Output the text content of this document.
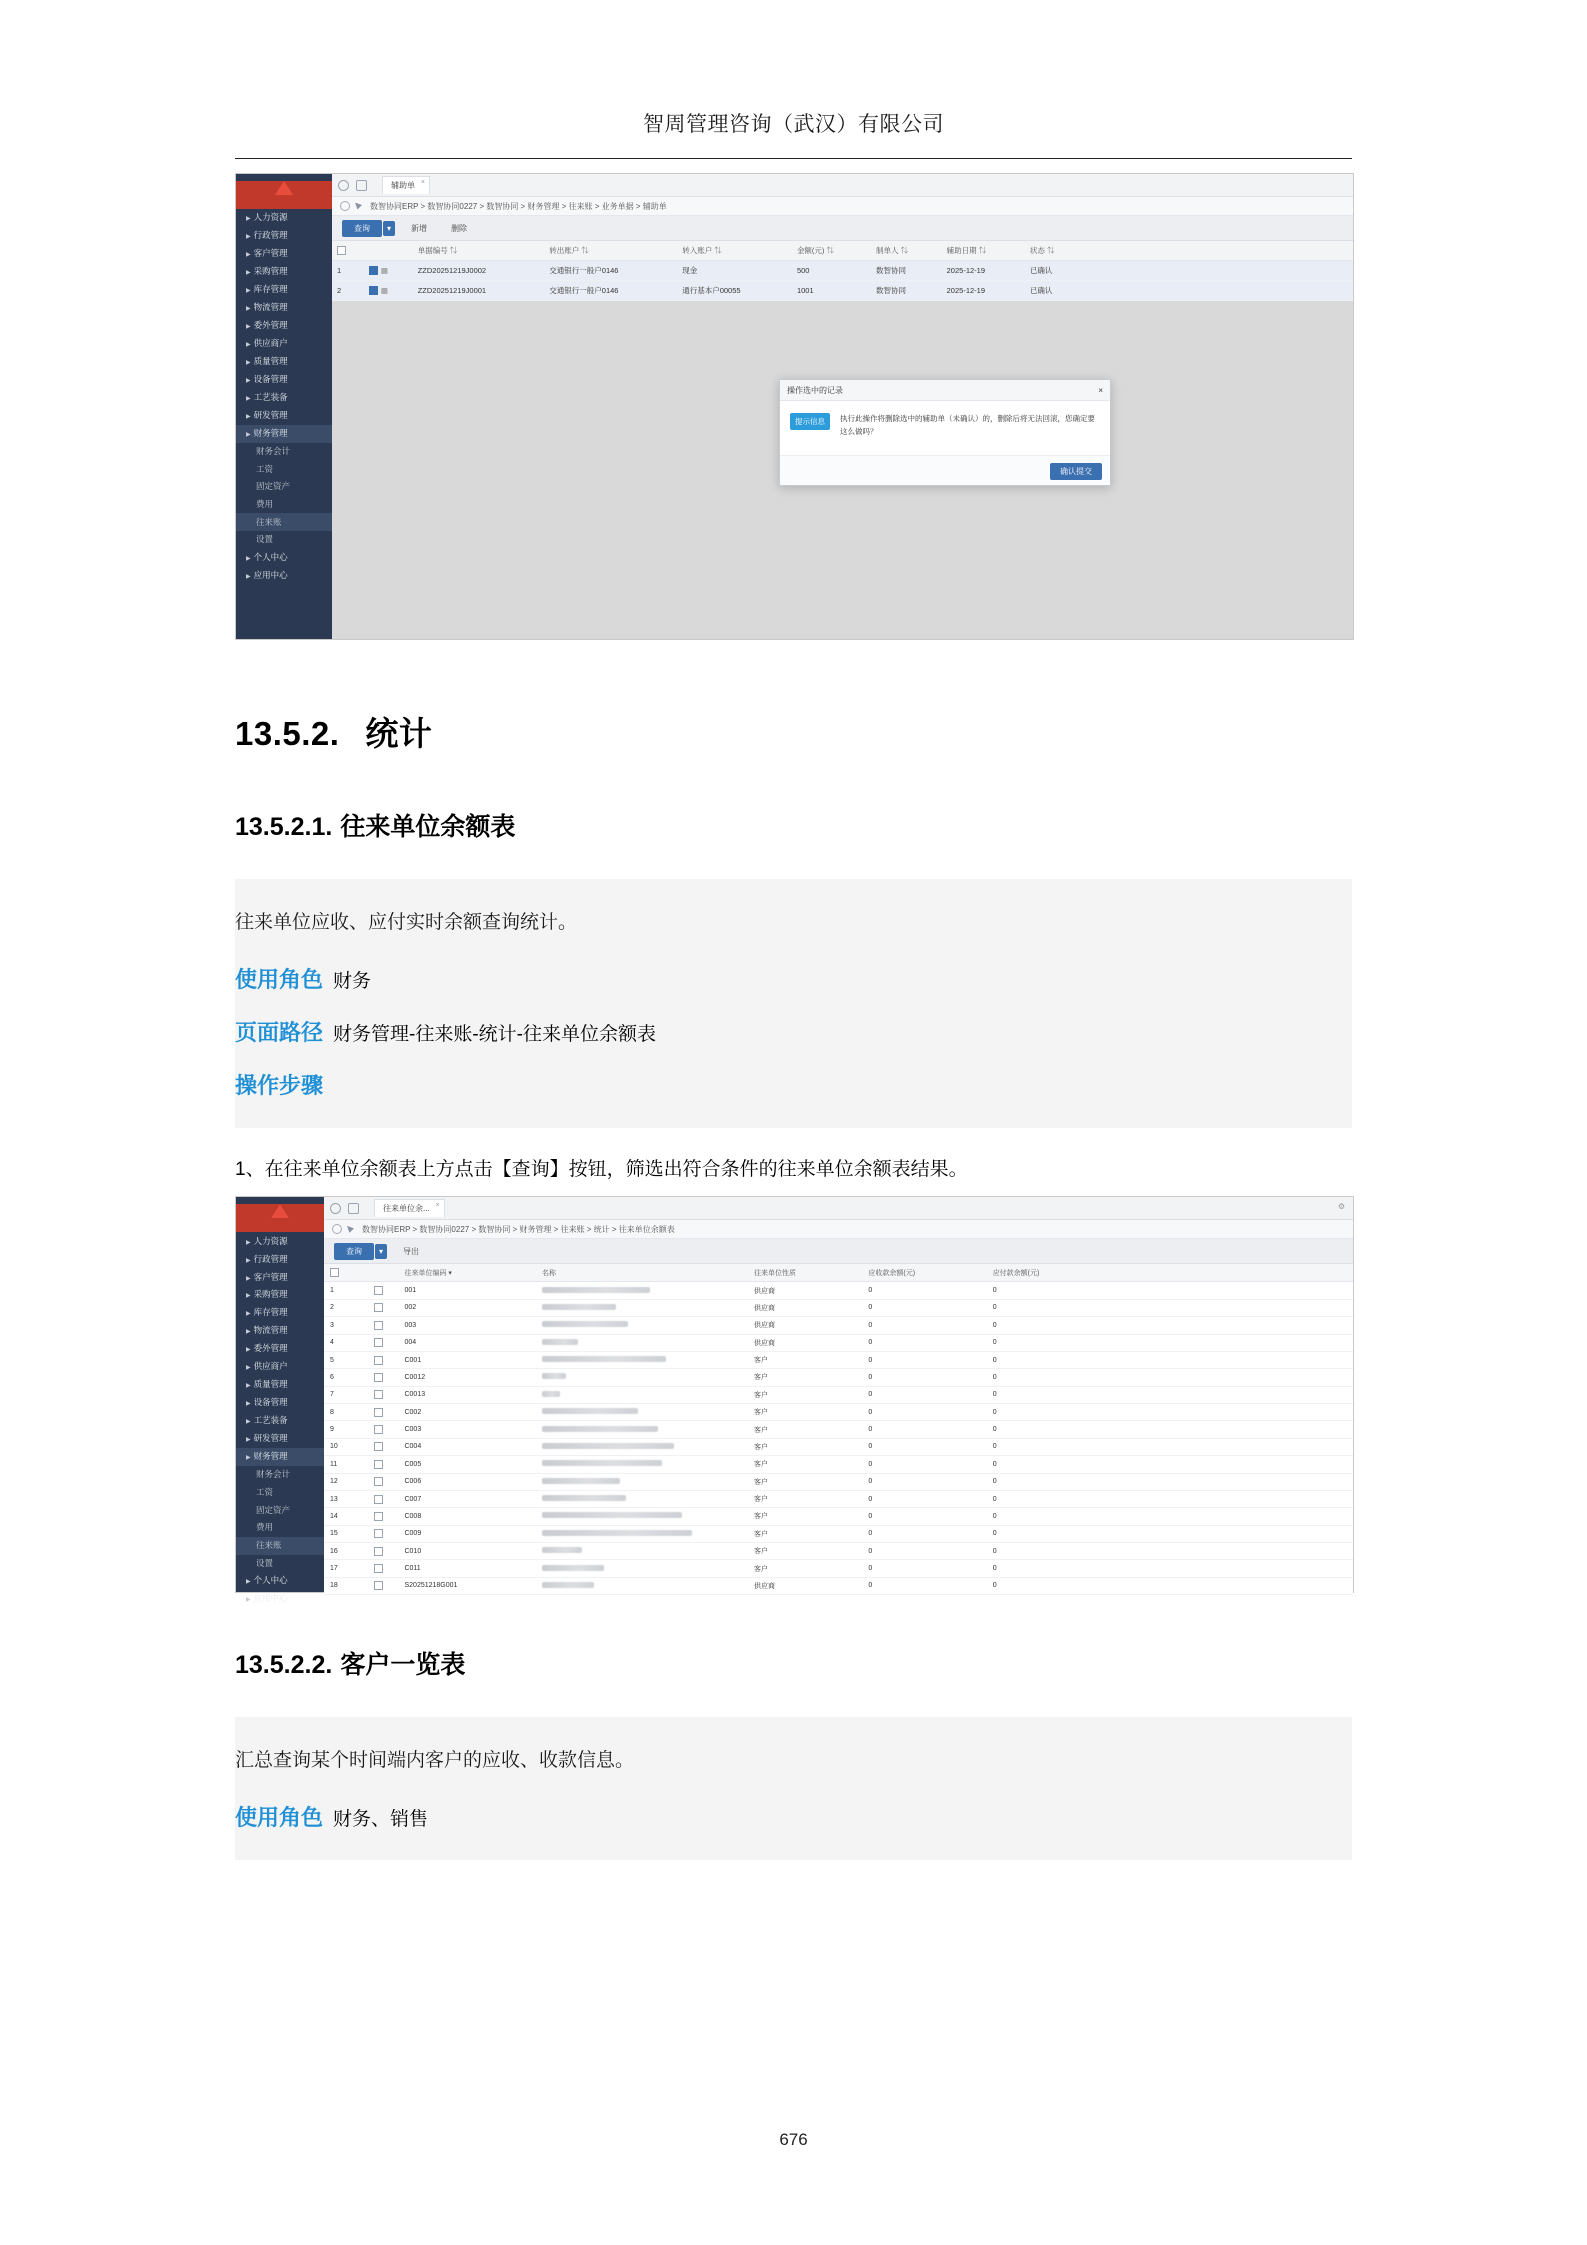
智周管理咨询（武汉）有限公司
▶ 人力资源
▶ 行政管理
▶ 客户管理
▶ 采购管理
▶ 库存管理
▶ 物流管理
▶ 委外管理
▶ 供应商户
▶ 质量管理
▶ 设备管理
▶ 工艺装备
▶ 研发管理
▶ 财务管理
财务会计
工资
固定资产
费用
往来账
设置
▶ 个人中心
▶ 应用中心
辅助单 ×
数智协同ERP > 数智协同0227 > 数智协同 > 财务管理 > 往来账 > 业务单据 > 辅助单
查询	▾	新增	删除
		单据编号 ⇅	转出账户 ⇅	转入账户 ⇅	金额(元) ⇅	制单人 ⇅	辅助日期 ⇅	状态 ⇅	
1	▦	ZZD20251219J0002	交通银行一般户0146	现金	500	数智协同	2025-12-19	已确认	
2	▦	ZZD20251219J0001	交通银行一般户0146	通行基本户00055	1001	数智协同	2025-12-19	已确认	
操作选中的记录	×
提示信息	执行此操作将删除选中的辅助单（未确认）的，删除后将无法回滚，您确定要这么做吗？
确认提交
13.5.2. 统计
13.5.2.1. 往来单位余额表
往来单位应收、应付实时余额查询统计。
使用角色 财务
页面路径 财务管理-往来账-统计-往来单位余额表
操作步骤
1、在往来单位余额表上方点击【查询】按钮，筛选出符合条件的往来单位余额表结果。
▶ 人力资源
▶ 行政管理
▶ 客户管理
▶ 采购管理
▶ 库存管理
▶ 物流管理
▶ 委外管理
▶ 供应商户
▶ 质量管理
▶ 设备管理
▶ 工艺装备
▶ 研发管理
▶ 财务管理
财务会计
工资
固定资产
费用
往来账
设置
▶ 个人中心
▶ 应用中心
往来单位余... ×	⚙
数智协同ERP > 数智协同0227 > 数智协同 > 财务管理 > 往来账 > 统计 > 往来单位余额表
查询	▾	导出
		往来单位编码 ▾	名称	往来单位性质	应收款余额(元)	应付款余额(元)	
1		001		供应商	0	0	
2		002		供应商	0	0	
3		003		供应商	0	0	
4		004		供应商	0	0	
5		C001		客户	0	0	
6		C0012		客户	0	0	
7		C0013		客户	0	0	
8		C002		客户	0	0	
9		C003		客户	0	0	
10		C004		客户	0	0	
11		C005		客户	0	0	
12		C006		客户	0	0	
13		C007		客户	0	0	
14		C008		客户	0	0	
15		C009		客户	0	0	
16		C010		客户	0	0	
17		C011		客户	0	0	
18		S20251218G001		供应商	0	0	
13.5.2.2. 客户一览表
汇总查询某个时间端内客户的应收、收款信息。
使用角色 财务、销售
676
